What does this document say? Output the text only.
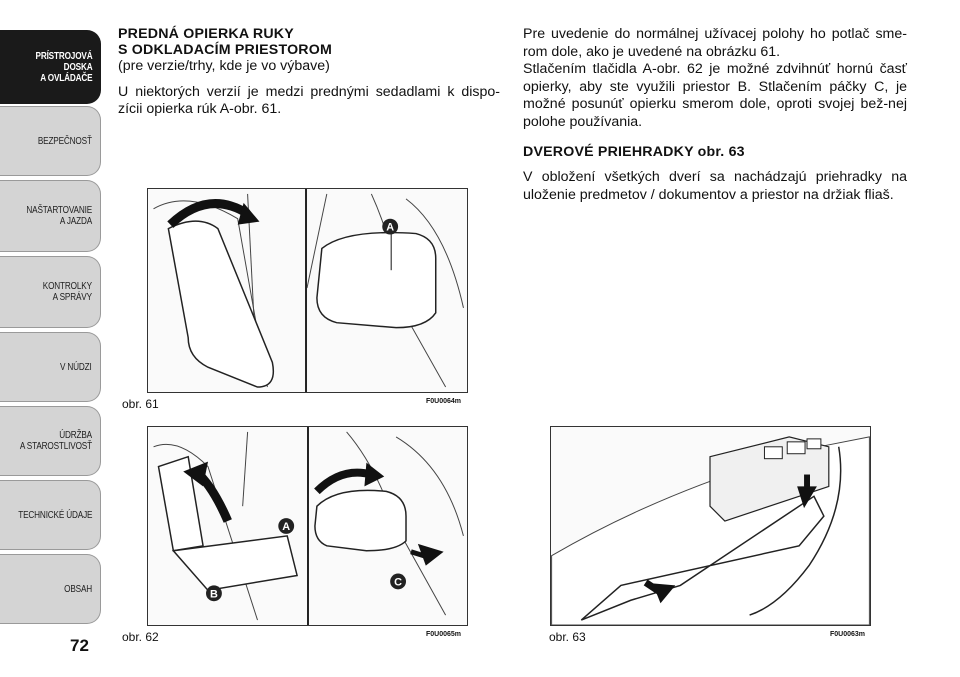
PRÍSTROJOVÁ
DOSKA
A OVLÁDAČE
BEZPEČNOSŤ
NAŠTARTOVANIE
A JAZDA
KONTROLKY
A SPRÁVY
V NÚDZI
ÚDRŽBA
A STAROSTLIVOSŤ
TECHNICKÉ ÚDAJE
OBSAH
72

PREDNÁ OPIERKA RUKY

S ODKLADACÍM PRIESTOROM

(pre verzie/trhy, kde je vo výbave)

U niektorých verzií je medzi prednými sedadlami k dispo-zícii opierka rúk A-obr. 61.

Pre uvedenie do normálnej užívacej polohy ho potlač sme-rom dole, ako je uvedené na obrázku 61.

Stlačením tlačidla A-obr. 62 je možné zdvihnúť hornú časť opierky, aby ste využili priestor B. Stlačením páčky C, je možné posunúť opierku smerom dole, oproti svojej bež-nej polohe používania.

DVEROVÉ PRIEHRADKY obr. 63

V obložení všetkých dverí sa nachádzajú priehradky na uloženie predmetov / dokumentov a priestor na držiak fliaš.

A
obr. 61	F0U0064m
A
B
C
obr. 62	F0U0065m	obr. 63	F0U0063m
